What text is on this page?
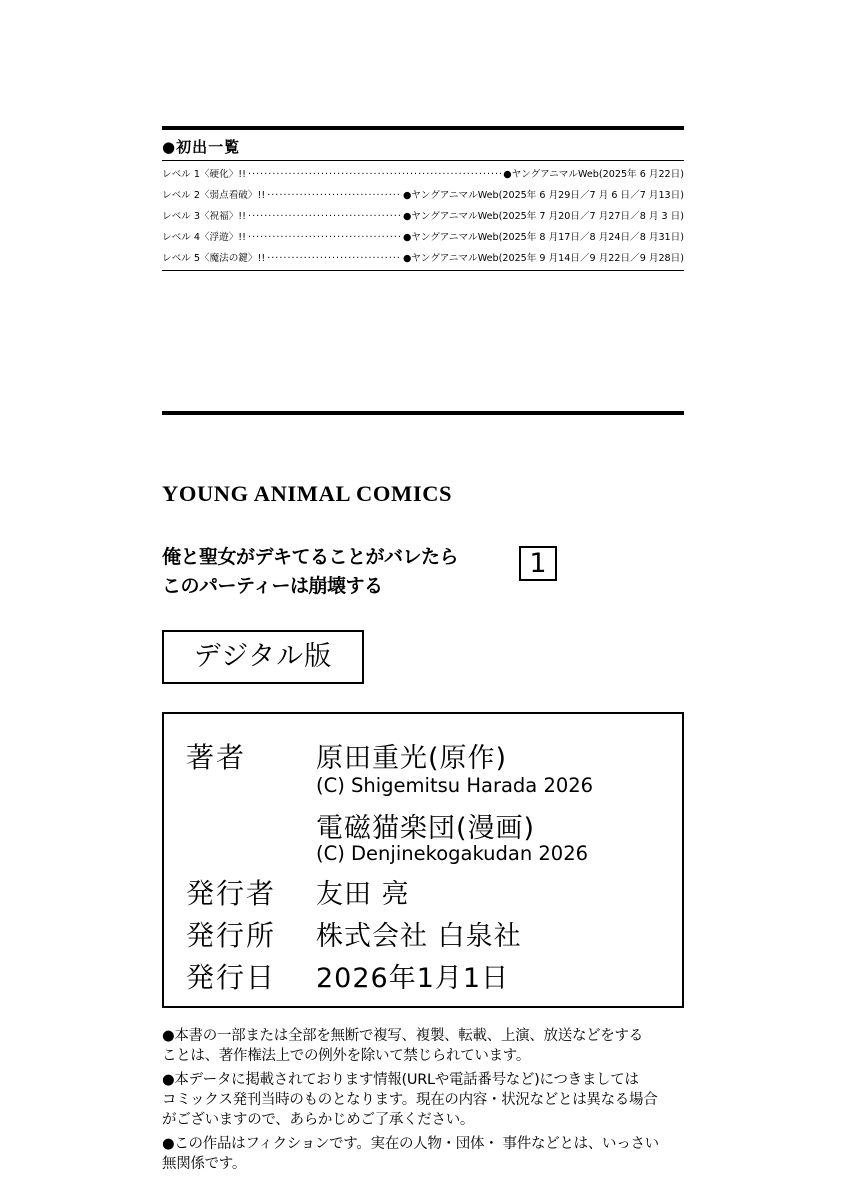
●初出一覧
レベル 1〈硬化〉!! ·····	●ヤングアニマルWeb(2025年 6 月22日)
レベル 2〈弱点看破〉!! ·····	●ヤングアニマルWeb(2025年 6 月29日／7 月 6 日／7 月13日)
レベル 3〈祝福〉!! ·····	●ヤングアニマルWeb(2025年 7 月20日／7 月27日／8 月 3 日)
レベル 4〈浮遊〉!! ·····	●ヤングアニマルWeb(2025年 8 月17日／8 月24日／8 月31日)
レベル 5〈魔法の鍵〉!! ·····	●ヤングアニマルWeb(2025年 9 月14日／9 月22日／9 月28日)
YOUNG ANIMAL COMICS
俺と聖女がデキてることがバレたら
このパーティーは崩壊する
1
デジタル版
著者	原田重光(原作)
(C) Shigemitsu Harada 2026
電磁猫楽団(漫画)
(C) Denjinekogakudan 2026
発行者 友田 亮
発行所 株式会社 白泉社
発行日 2026年1月1日

●本書の一部または全部を無断で複写、複製、転載、上演、放送などをする
ことは、著作権法上での例外を除いて禁じられています。

●本データに掲載されております情報(URLや電話番号など)につきましては
コミックス発刊当時のものとなります。現在の内容・状況などとは異なる場合
がございますので、あらかじめご了承ください。

●この作品はフィクションです。実在の人物・団体・ 事件などとは、いっさい
無関係です。
